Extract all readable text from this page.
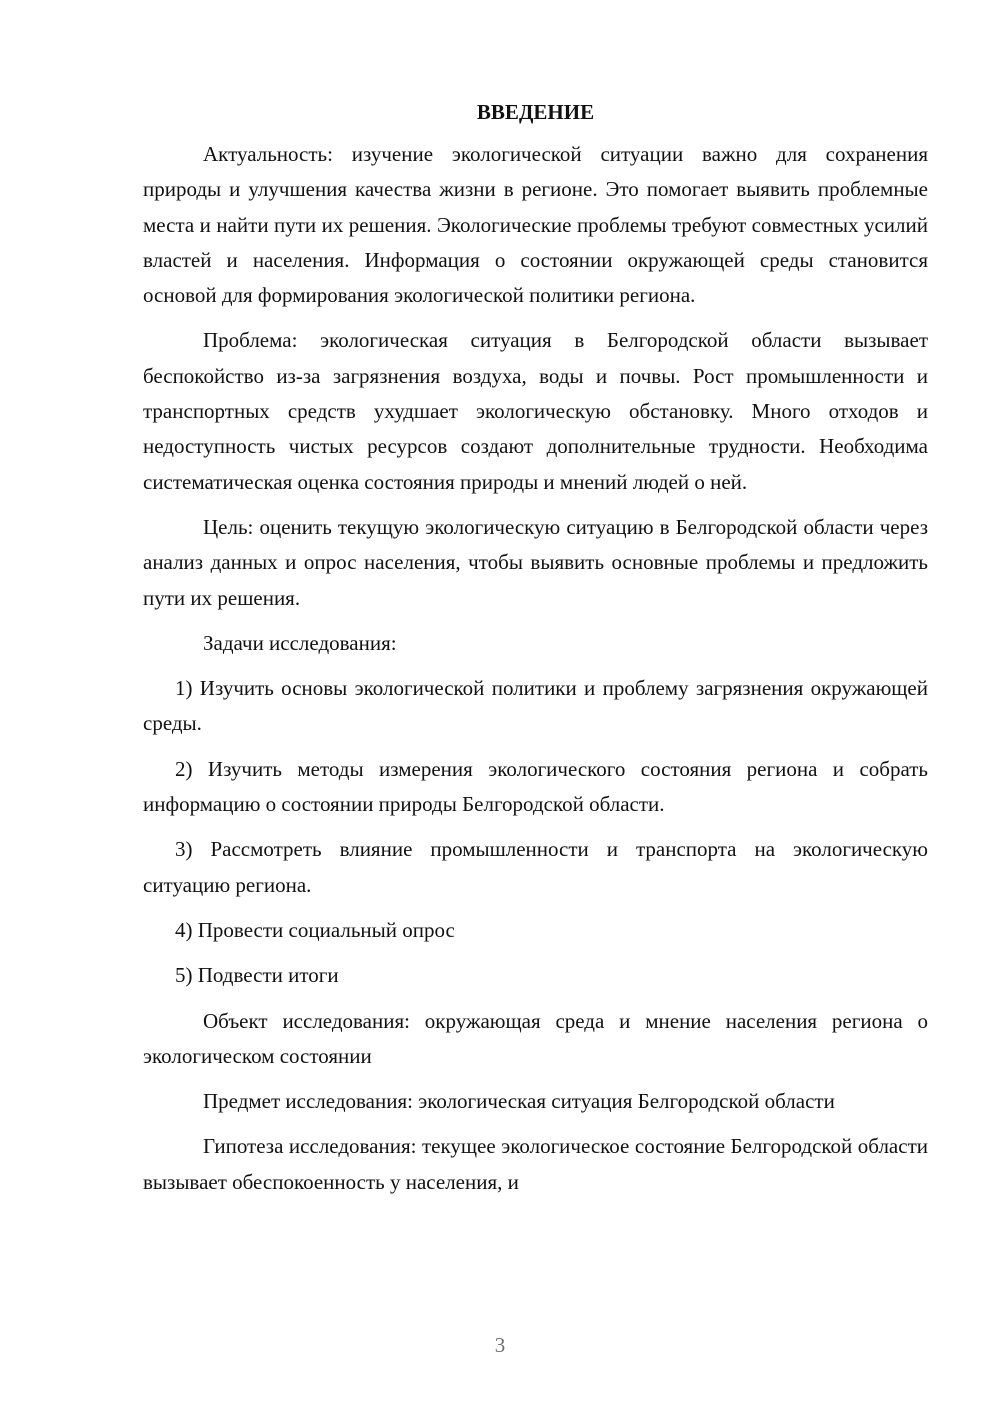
ВВЕДЕНИЕ

Актуальность: изучение экологической ситуации важно для сохранения природы и улучшения качества жизни в регионе. Это помогает выявить проблемные места и найти пути их решения. Экологические проблемы требуют совместных усилий властей и населения. Информация о состоянии окружающей среды становится основой для формирования экологической политики региона.

Проблема: экологическая ситуация в Белгородской области вызывает беспокойство из-за загрязнения воздуха, воды и почвы. Рост промышленности и транспортных средств ухудшает экологическую обстановку. Много отходов и недоступность чистых ресурсов создают дополнительные трудности. Необходима систематическая оценка состояния природы и мнений людей о ней.

Цель: оценить текущую экологическую ситуацию в Белгородской области через анализ данных и опрос населения, чтобы выявить основные проблемы и предложить пути их решения.

Задачи исследования:

1) Изучить основы экологической политики и проблему загрязнения окружающей среды.

2) Изучить методы измерения экологического состояния региона и собрать информацию о состоянии природы Белгородской области.

3) Рассмотреть влияние промышленности и транспорта на экологическую ситуацию региона.

4) Провести социальный опрос

5) Подвести итоги

Объект исследования: окружающая среда и мнение населения региона о экологическом состоянии

Предмет исследования: экологическая ситуация Белгородской области

Гипотеза исследования: текущее экологическое состояние Белгородской области вызывает обеспокоенность у населения, и

3
